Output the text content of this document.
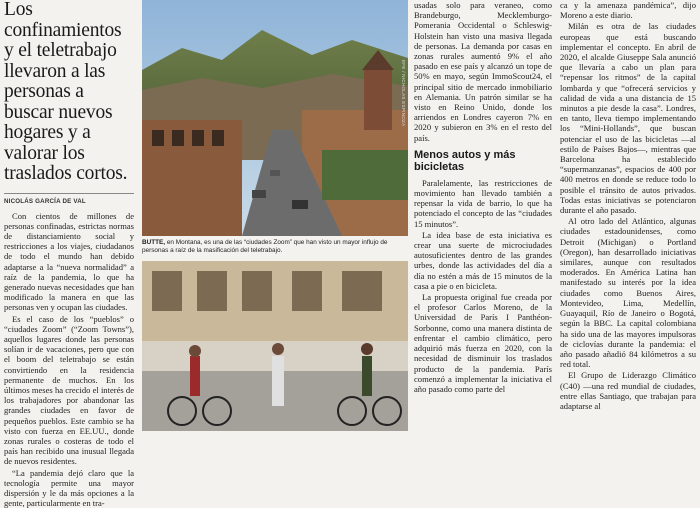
Los confinamientos y el teletrabajo llevaron a las personas a buscar nuevos hogares y a valorar los traslados cortos.
NICOLÁS GARCÍA DE VAL

Con cientos de millones de personas confinadas, estrictas normas de distanciamiento social y restricciones a los viajes, ciudadanos de todo el mundo han debido adaptarse a la “nueva normalidad” a raíz de la pandemia, lo que ha generado nuevas necesidades que han modificado la manera en que las personas ven y ocupan las ciudades.

Es el caso de los “pueblos” o “ciudades Zoom” (“Zoom Towns”), aquellos lugares donde las personas solían ir de vacaciones, pero que con el boom del teletrabajo se están convirtiendo en la residencia permanente de muchos. En los últimos meses ha crecido el interés de los trabajadores por abandonar las grandes ciudades en favor de pequeños pueblos. Este cambio se ha visto con fuerza en EE.UU., donde zonas rurales o costeras de todo el país han recibido una inusual llegada de nuevos residentes.

“La pandemia dejó claro que la tecnología permite una mayor dispersión y le da más opciones a la gente, particularmente en tra-

EFE / NICHOLAS ESPINOZA
BUTTE, en Montana, es una de las “ciudades Zoom” que han visto un mayor influjo de personas a raíz de la masificación del teletrabajo.

usadas solo para veraneo, como Brandeburgo, Mecklemburgo-Pomerania Occidental o Schleswig-Holstein han visto una masiva llegada de personas. La demanda por casas en zonas rurales aumentó 9% el año pasado en ese país y alcanzó un tope de 50% en mayo, según ImmoScout24, el principal sitio de mercado inmobiliario en Alemania. Un patrón similar se ha visto en Reino Unido, donde los arriendos en Londres cayeron 7% en 2020 y subieron en 3% en el resto del país.

Menos autos y más bicicletas

Paralelamente, las restricciones de movimiento han llevado también a repensar la vida de barrio, lo que ha potenciado el concepto de las “ciudades 15 minutos”.

La idea base de esta iniciativa es crear una suerte de microciudades autosuficientes dentro de las grandes urbes, donde las actividades del día a día no estén a más de 15 minutos de la casa a pie o en bicicleta.

La propuesta original fue creada por el profesor Carlos Moreno, de la Universidad de París I Panthéon-Sorbonne, como una manera distinta de enfrentar el cambio climático, pero adquirió más fuerza en 2020, con la necesidad de disminuir los traslados producto de la pandemia. París comenzó a implementar la iniciativa el año pasado como parte del

ca y la amenaza pandémica”, dijo Moreno a este diario.

Milán es otra de las ciudades europeas que está buscando implementar el concepto. En abril de 2020, el alcalde Giuseppe Sala anunció que llevaría a cabo un plan para “repensar los ritmos” de la capital lombarda y que “ofrecerá servicios y calidad de vida a una distancia de 15 minutos a pie desde la casa”. Londres, en tanto, lleva tiempo implementando los “Mini-Hollands”, que buscan potenciar el uso de las bicicletas —al estilo de Países Bajos—, mientras que Barcelona ha establecido “supermanzanas”, espacios de 400 por 400 metros en donde se reduce todo lo posible el tránsito de autos privados. Todas estas iniciativas se potenciaron durante el año pasado.

Al otro lado del Atlántico, algunas ciudades estadounidenses, como Detroit (Michigan) o Portland (Oregon), han desarrollado iniciativas similares, aunque con resultados moderados. En América Latina han manifestado su interés por la idea ciudades como Buenos Aires, Montevideo, Lima, Medellín, Guayaquil, Río de Janeiro o Bogotá, según la BBC. La capital colombiana ha sido una de las mayores impulsoras de ciclovías durante la pandemia: el año pasado añadió 84 kilómetros a su red total.

El Grupo de Liderazgo Climático (C40) —una red mundial de ciudades, entre ellas Santiago, que trabajan para adaptarse al
